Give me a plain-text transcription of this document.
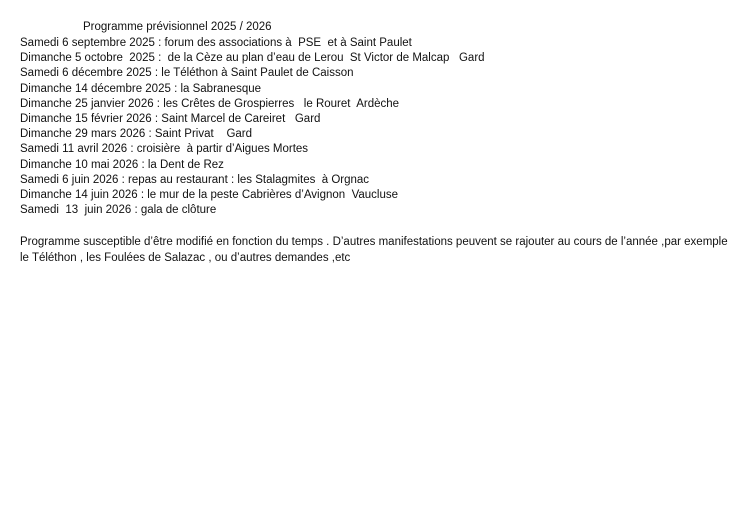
Programme prévisionnel 2025 / 2026
Samedi 6 septembre 2025 : forum des associations à  PSE  et à Saint Paulet
Dimanche 5 octobre  2025 :  de la Cèze au plan d’eau de Lerou  St Victor de Malcap   Gard
Samedi 6 décembre 2025 : le Téléthon à Saint Paulet de Caisson
Dimanche 14 décembre 2025 : la Sabranesque
Dimanche 25 janvier 2026 : les Crêtes de Grospierres   le Rouret  Ardèche
Dimanche 15 février 2026 : Saint Marcel de Careiret   Gard
Dimanche 29 mars 2026 : Saint Privat    Gard
Samedi 11 avril 2026 : croisière  à partir d’Aigues Mortes
Dimanche 10 mai 2026 : la Dent de Rez
Samedi 6 juin 2026 : repas au restaurant : les Stalagmites  à Orgnac
Dimanche 14 juin 2026 : le mur de la peste Cabrières d’Avignon  Vaucluse
Samedi  13  juin 2026 : gala de clôture

Programme susceptible d’être modifié en fonction du temps . D’autres manifestations peuvent se rajouter au cours de l’année ,par exemple

le Téléthon , les Foulées de Salazac , ou d’autres demandes ,etc
